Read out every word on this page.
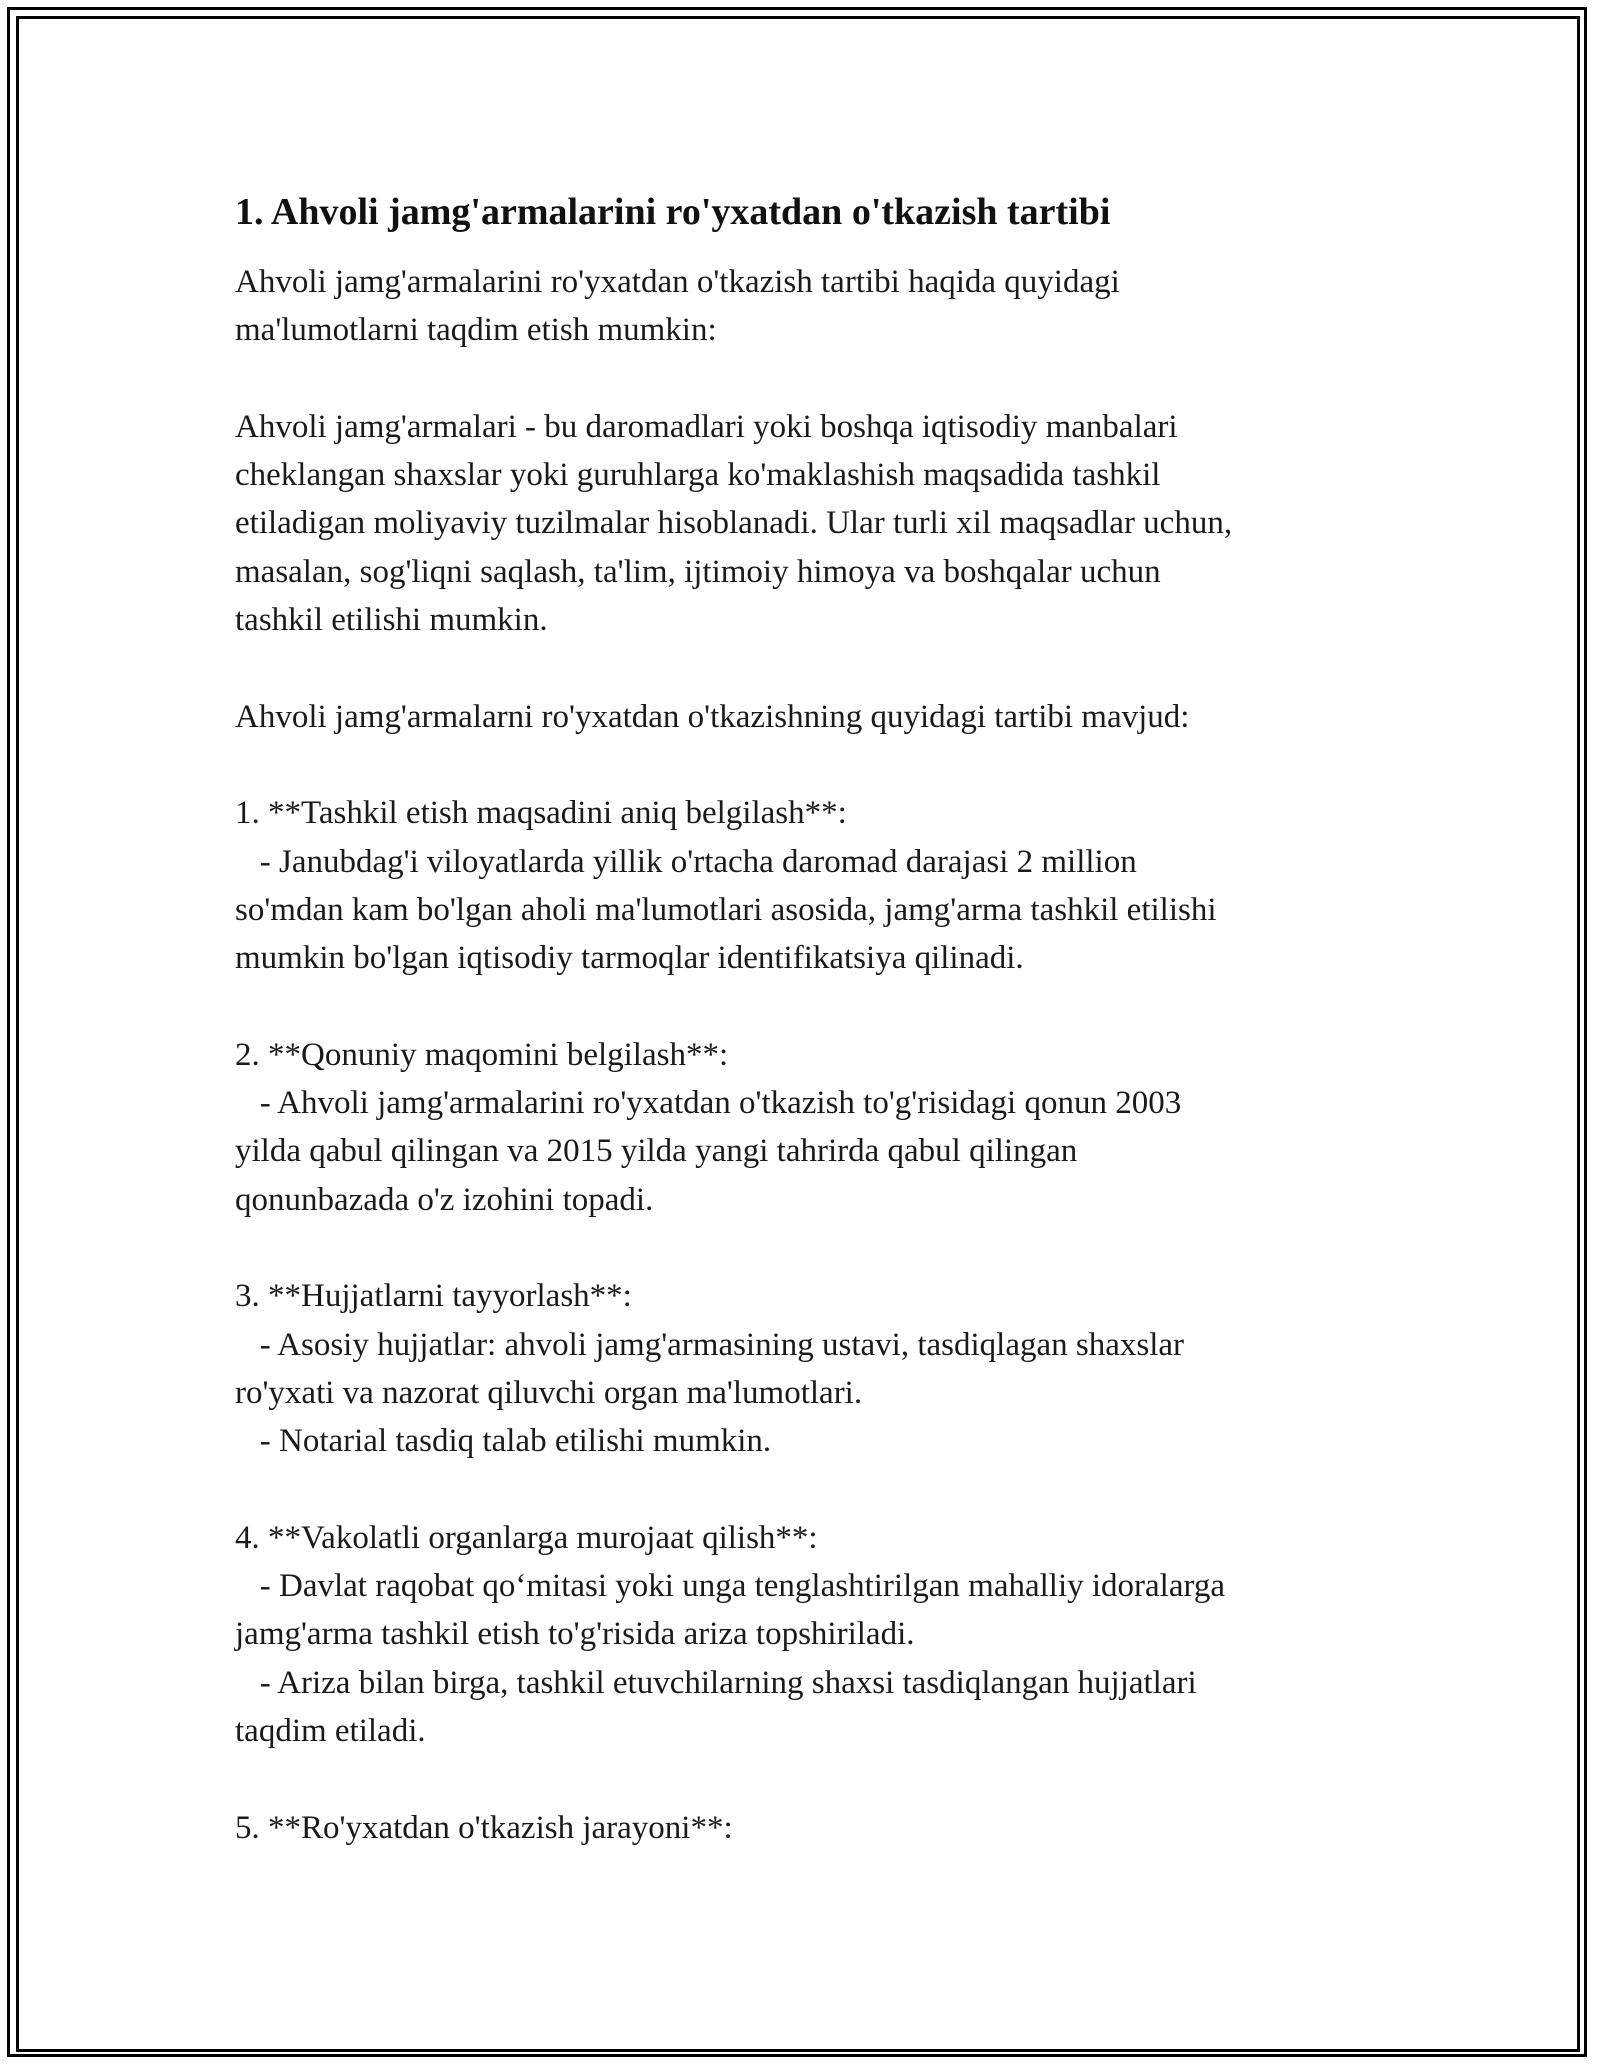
1. Ahvoli jamg'armalarini ro'yxatdan o'tkazish tartibi
Ahvoli jamg'armalarini ro'yxatdan o'tkazish tartibi haqida quyidagi
ma'lumotlarni taqdim etish mumkin:
Ahvoli jamg'armalari - bu daromadlari yoki boshqa iqtisodiy manbalari
cheklangan shaxslar yoki guruhlarga ko'maklashish maqsadida tashkil
etiladigan moliyaviy tuzilmalar hisoblanadi. Ular turli xil maqsadlar uchun,
masalan, sog'liqni saqlash, ta'lim, ijtimoiy himoya va boshqalar uchun
tashkil etilishi mumkin.
Ahvoli jamg'armalarni ro'yxatdan o'tkazishning quyidagi tartibi mavjud:
1. **Tashkil etish maqsadini aniq belgilash**:
- Janubdag'i viloyatlarda yillik o'rtacha daromad darajasi 2 million
so'mdan kam bo'lgan aholi ma'lumotlari asosida, jamg'arma tashkil etilishi
mumkin bo'lgan iqtisodiy tarmoqlar identifikatsiya qilinadi.
2. **Qonuniy maqomini belgilash**:
- Ahvoli jamg'armalarini ro'yxatdan o'tkazish to'g'risidagi qonun 2003
yilda qabul qilingan va 2015 yilda yangi tahrirda qabul qilingan
qonunbazada o'z izohini topadi.
3. **Hujjatlarni tayyorlash**:
- Asosiy hujjatlar: ahvoli jamg'armasining ustavi, tasdiqlagan shaxslar
ro'yxati va nazorat qiluvchi organ ma'lumotlari.
- Notarial tasdiq talab etilishi mumkin.
4. **Vakolatli organlarga murojaat qilish**:
- Davlat raqobat qo‘mitasi yoki unga tenglashtirilgan mahalliy idoralarga
jamg'arma tashkil etish to'g'risida ariza topshiriladi.
- Ariza bilan birga, tashkil etuvchilarning shaxsi tasdiqlangan hujjatlari
taqdim etiladi.
5. **Ro'yxatdan o'tkazish jarayoni**:
